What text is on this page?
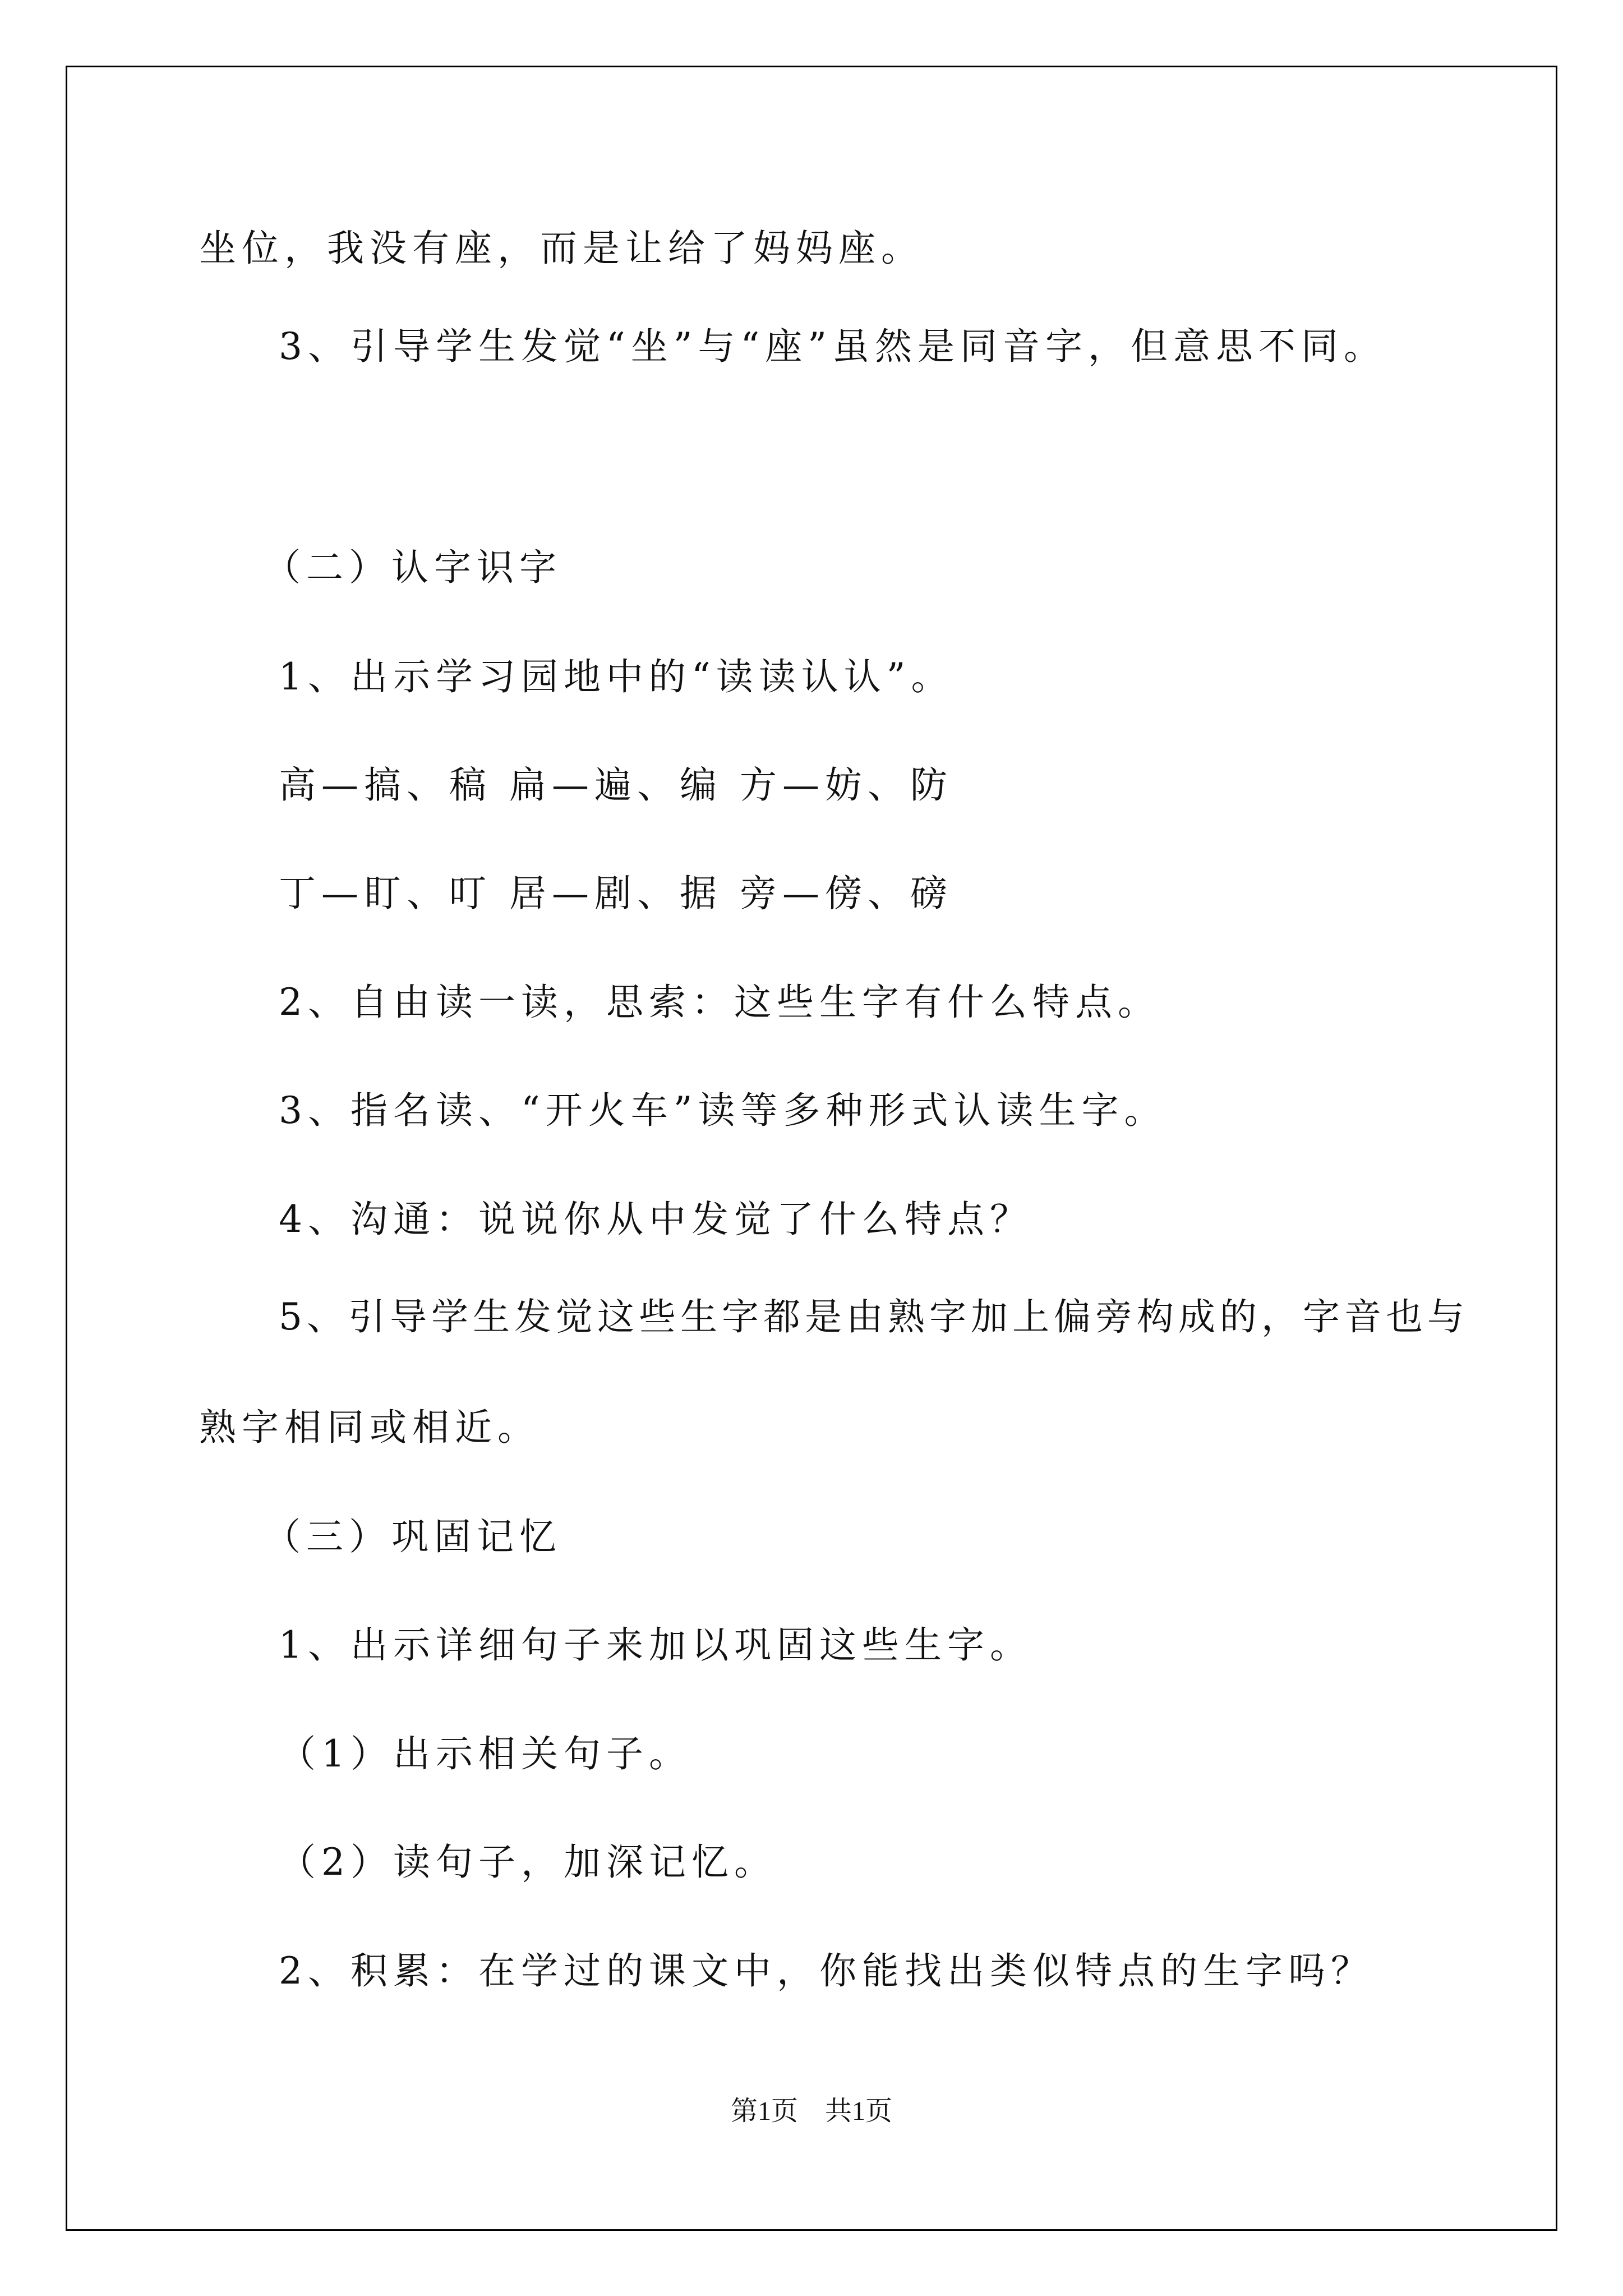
坐位，我没有座，而是让给了妈妈座。
3、引导学生发觉“坐”与“座”虽然是同音字，但意思不同。
（二）认字识字
1、出示学习园地中的“读读认认”。
高—搞、稿 扁—遍、编 方—妨、防
丁—盯、叮 居—剧、据 旁—傍、磅
2、自由读一读，思索：这些生字有什么特点。
3、指名读、“开火车”读等多种形式认读生字。
4、沟通：说说你从中发觉了什么特点？
5、引导学生发觉这些生字都是由熟字加上偏旁构成的，字音也与
熟字相同或相近。
（三）巩固记忆
1、出示详细句子来加以巩固这些生字。
（1）出示相关句子。
（2）读句子，加深记忆。
2、积累：在学过的课文中，你能找出类似特点的生字吗？
第1页 共1页
